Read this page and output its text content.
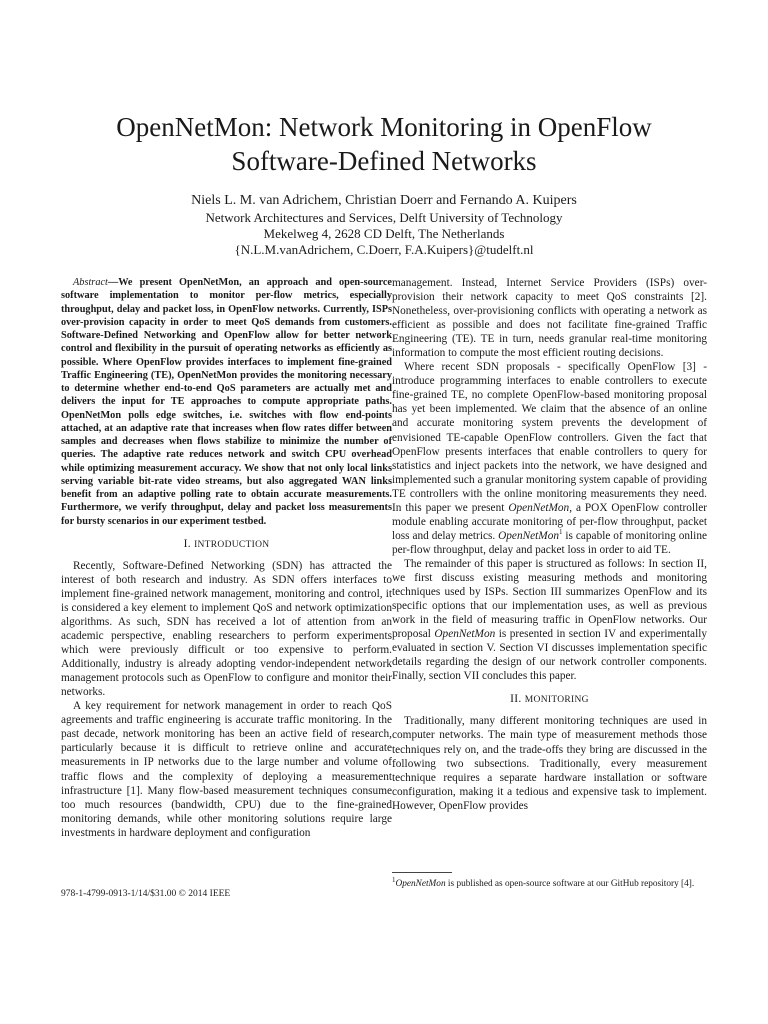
OpenNetMon: Network Monitoring in OpenFlow
Software-Defined Networks
Niels L. M. van Adrichem, Christian Doerr and Fernando A. Kuipers
Network Architectures and Services, Delft University of Technology
Mekelweg 4, 2628 CD Delft, The Netherlands
{N.L.M.vanAdrichem, C.Doerr, F.A.Kuipers}@tudelft.nl

Abstract—We present OpenNetMon, an approach and open-source software implementation to monitor per-flow metrics, especially throughput, delay and packet loss, in OpenFlow networks. Currently, ISPs over-provision capacity in order to meet QoS demands from customers. Software-Defined Networking and OpenFlow allow for better network control and flexibility in the pursuit of operating networks as efficiently as possible. Where OpenFlow provides interfaces to implement fine-grained Traffic Engineering (TE), OpenNetMon provides the monitoring necessary to determine whether end-to-end QoS parameters are actually met and delivers the input for TE approaches to compute appropriate paths. OpenNetMon polls edge switches, i.e. switches with flow end-points attached, at an adaptive rate that increases when flow rates differ between samples and decreases when flows stabilize to minimize the number of queries. The adaptive rate reduces network and switch CPU overhead while optimizing measurement accuracy. We show that not only local links serving variable bit-rate video streams, but also aggregated WAN links benefit from an adaptive polling rate to obtain accurate measurements. Furthermore, we verify throughput, delay and packet loss measurements for bursty scenarios in our experiment testbed.

I. INTRODUCTION

Recently, Software-Defined Networking (SDN) has attracted the interest of both research and industry. As SDN offers interfaces to implement fine-grained network management, monitoring and control, it is considered a key element to implement QoS and network optimization algorithms. As such, SDN has received a lot of attention from an academic perspective, enabling researchers to perform experiments which were previously difficult or too expensive to perform. Additionally, industry is already adopting vendor-independent network management protocols such as OpenFlow to configure and monitor their networks.

A key requirement for network management in order to reach QoS agreements and traffic engineering is accurate traffic monitoring. In the past decade, network monitoring has been an active field of research, particularly because it is difficult to retrieve online and accurate measurements in IP networks due to the large number and volume of traffic flows and the complexity of deploying a measurement infrastructure [1]. Many flow-based measurement techniques consume too much resources (bandwidth, CPU) due to the fine-grained monitoring demands, while other monitoring solutions require large investments in hardware deployment and configuration

management. Instead, Internet Service Providers (ISPs) over-provision their network capacity to meet QoS constraints [2]. Nonetheless, over-provisioning conflicts with operating a network as efficient as possible and does not facilitate fine-grained Traffic Engineering (TE). TE in turn, needs granular real-time monitoring information to compute the most efficient routing decisions.

Where recent SDN proposals - specifically OpenFlow [3] - introduce programming interfaces to enable controllers to execute fine-grained TE, no complete OpenFlow-based monitoring proposal has yet been implemented. We claim that the absence of an online and accurate monitoring system prevents the development of envisioned TE-capable OpenFlow controllers. Given the fact that OpenFlow presents interfaces that enable controllers to query for statistics and inject packets into the network, we have designed and implemented such a granular monitoring system capable of providing TE controllers with the online monitoring measurements they need. In this paper we present OpenNetMon, a POX OpenFlow controller module enabling accurate monitoring of per-flow throughput, packet loss and delay metrics. OpenNetMon$^1$ is capable of monitoring online per-flow throughput, delay and packet loss in order to aid TE.

The remainder of this paper is structured as follows: In section II, we first discuss existing measuring methods and monitoring techniques used by ISPs. Section III summarizes OpenFlow and its specific options that our implementation uses, as well as previous work in the field of measuring traffic in OpenFlow networks. Our proposal OpenNetMon is presented in section IV and experimentally evaluated in section V. Section VI discusses implementation specific details regarding the design of our network controller components. Finally, section VII concludes this paper.

II. MONITORING

Traditionally, many different monitoring techniques are used in computer networks. The main type of measurement methods those techniques rely on, and the trade-offs they bring are discussed in the following two subsections. Traditionally, every measurement technique requires a separate hardware installation or software configuration, making it a tedious and expensive task to implement. However, OpenFlow provides

$^1$OpenNetMon is published as open-source software at our GitHub repository [4].
978-1-4799-0913-1/14/$31.00 © 2014 IEEE
